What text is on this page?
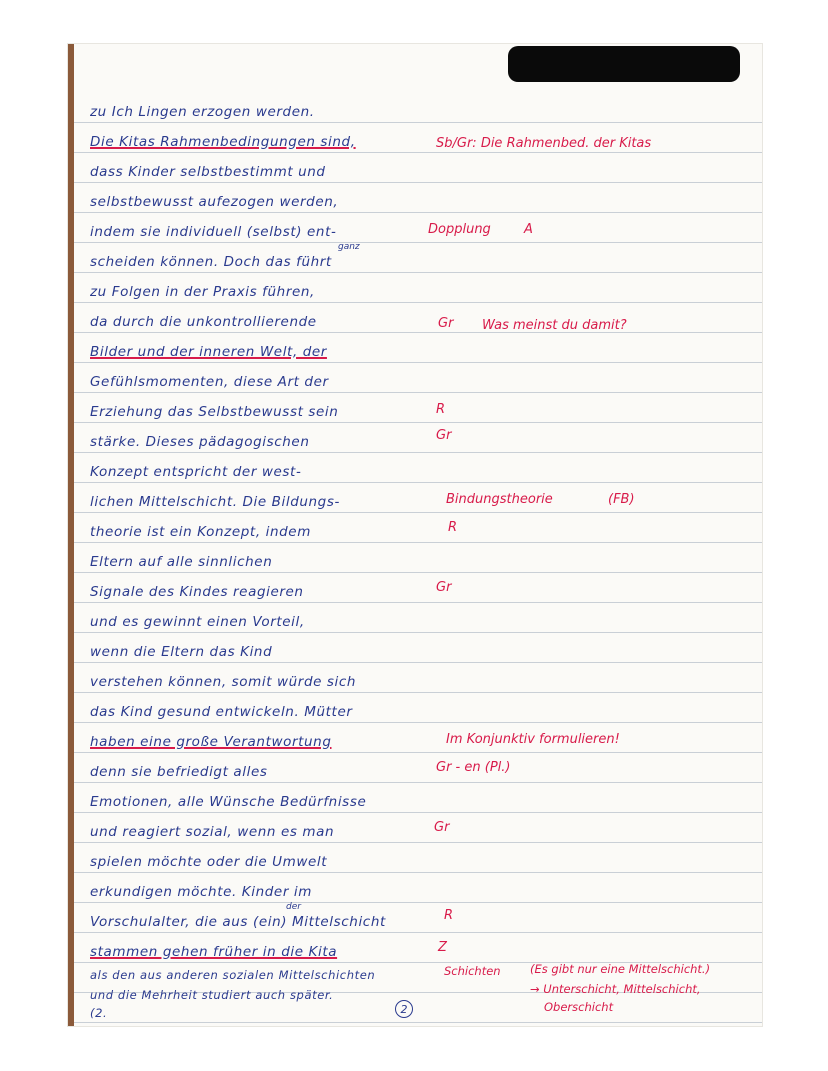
zu Ich Lingen erzogen werden.
Die Kitas Rahmenbedingungen sind,
dass Kinder selbstbestimmt und
selbstbewusst aufezogen werden,
indem sie individuell (selbst) ent-
scheiden können. Doch das führt
zu Folgen in der Praxis führen,
da durch die unkontrollierende
Bilder und der inneren Welt, der
Gefühlsmomenten, diese Art der
Erziehung das Selbstbewusst sein
stärke. Dieses pädagogischen
Konzept entspricht der west-
lichen Mittelschicht. Die Bildungs-
theorie ist ein Konzept, indem
Eltern auf alle sinnlichen
Signale des Kindes reagieren
und es gewinnt einen Vorteil,
wenn die Eltern das Kind
verstehen können, somit würde sich
das Kind gesund entwickeln. Mütter
haben eine große Verantwortung
denn sie befriedigt alles
Emotionen, alle Wünsche Bedürfnisse
und reagiert sozial, wenn es man
spielen möchte oder die Umwelt
erkundigen möchte. Kinder im
Vorschulalter, die aus (ein) Mittelschicht
stammen gehen früher in die Kita
als den aus anderen sozialen Mittelschichten
und die Mehrheit studiert auch später.
(2.
ganz
der
2
Sb/Gr: Die Rahmenbed. der Kitas
Dopplung	A
Gr Was meinst du damit?
R
Gr
Bindungstheorie	(FB)
R
Gr
Im Konjunktiv formulieren!
Gr - en (Pl.)
Gr
R
Z
Schichten	(Es gibt nur eine Mittelschicht.)
→ Unterschicht, Mittelschicht,
Oberschicht
